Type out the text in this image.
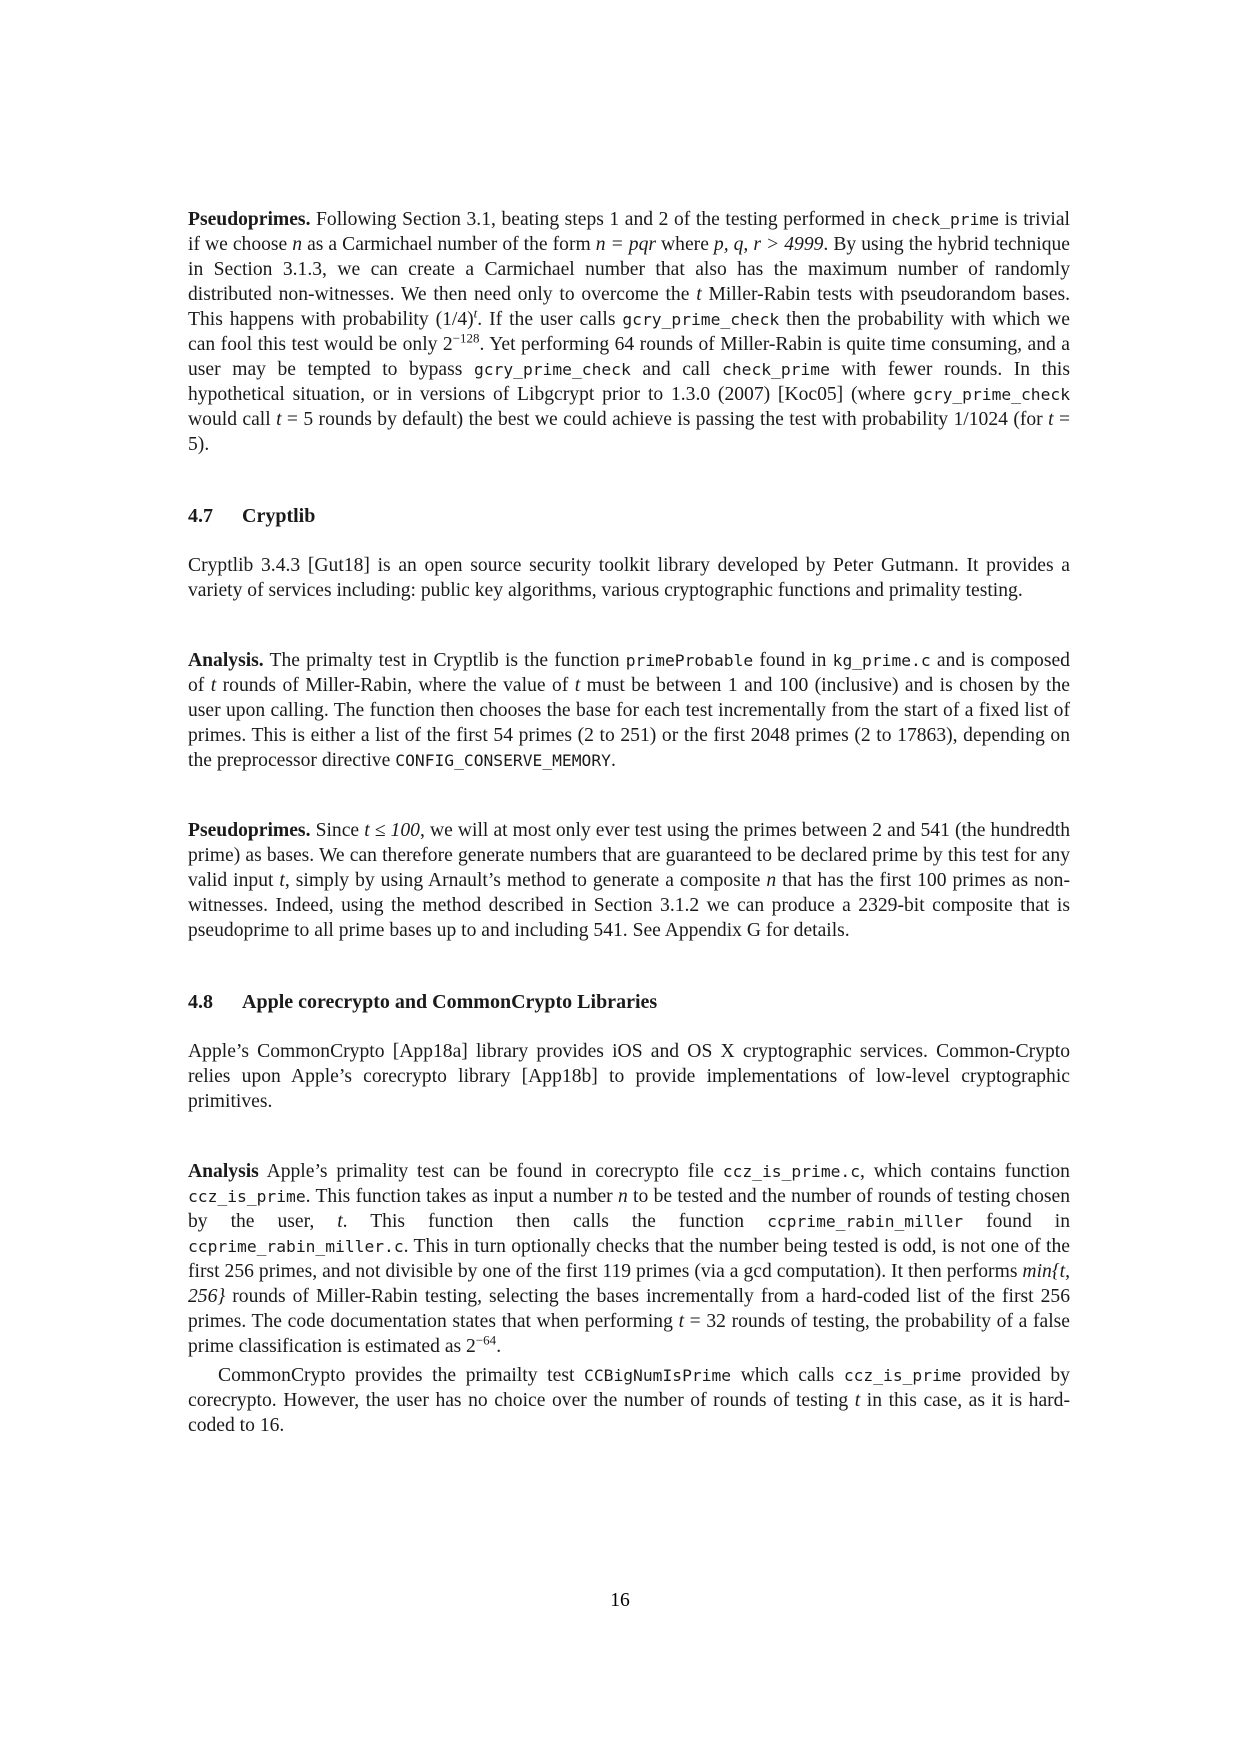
Pseudoprimes. Following Section 3.1, beating steps 1 and 2 of the testing performed in check_prime is trivial if we choose n as a Carmichael number of the form n = pqr where p, q, r > 4999. By using the hybrid technique in Section 3.1.3, we can create a Carmichael number that also has the maximum number of randomly distributed non-witnesses. We then need only to overcome the t Miller-Rabin tests with pseudorandom bases. This happens with probability $(1/4)^t$. If the user calls gcry_prime_check then the probability with which we can fool this test would be only $2^{-128}$. Yet performing 64 rounds of Miller-Rabin is quite time consuming, and a user may be tempted to bypass gcry_prime_check and call check_prime with fewer rounds. In this hypothetical situation, or in versions of Libgcrypt prior to 1.3.0 (2007) [Koc05] (where gcry_prime_check would call t = 5 rounds by default) the best we could achieve is passing the test with probability 1/1024 (for t = 5).

4.7 Cryptlib

Cryptlib 3.4.3 [Gut18] is an open source security toolkit library developed by Peter Gutmann. It provides a variety of services including: public key algorithms, various cryptographic functions and primality testing.

Analysis. The primalty test in Cryptlib is the function primeProbable found in kg_prime.c and is composed of t rounds of Miller-Rabin, where the value of t must be between 1 and 100 (inclusive) and is chosen by the user upon calling. The function then chooses the base for each test incrementally from the start of a fixed list of primes. This is either a list of the first 54 primes (2 to 251) or the first 2048 primes (2 to 17863), depending on the preprocessor directive CONFIG_CONSERVE_MEMORY.

Pseudoprimes. Since t ≤ 100, we will at most only ever test using the primes between 2 and 541 (the hundredth prime) as bases. We can therefore generate numbers that are guaranteed to be declared prime by this test for any valid input t, simply by using Arnault’s method to generate a composite n that has the first 100 primes as non-witnesses. Indeed, using the method described in Section 3.1.2 we can produce a 2329-bit composite that is pseudoprime to all prime bases up to and including 541. See Appendix G for details.

4.8 Apple corecrypto and CommonCrypto Libraries

Apple’s CommonCrypto [App18a] library provides iOS and OS X cryptographic services. Common-Crypto relies upon Apple’s corecrypto library [App18b] to provide implementations of low-level cryptographic primitives.

Analysis Apple’s primality test can be found in corecrypto file ccz_is_prime.c, which contains function ccz_is_prime. This function takes as input a number n to be tested and the number of rounds of testing chosen by the user, t. This function then calls the function ccprime_rabin_miller found in ccprime_rabin_miller.c. This in turn optionally checks that the number being tested is odd, is not one of the first 256 primes, and not divisible by one of the first 119 primes (via a gcd computation). It then performs min{t, 256} rounds of Miller-Rabin testing, selecting the bases incrementally from a hard-coded list of the first 256 primes. The code documentation states that when performing t = 32 rounds of testing, the probability of a false prime classification is estimated as $2^{-64}$.

CommonCrypto provides the primailty test CCBigNumIsPrime which calls ccz_is_prime provided by corecrypto. However, the user has no choice over the number of rounds of testing t in this case, as it is hard-coded to 16.

16
